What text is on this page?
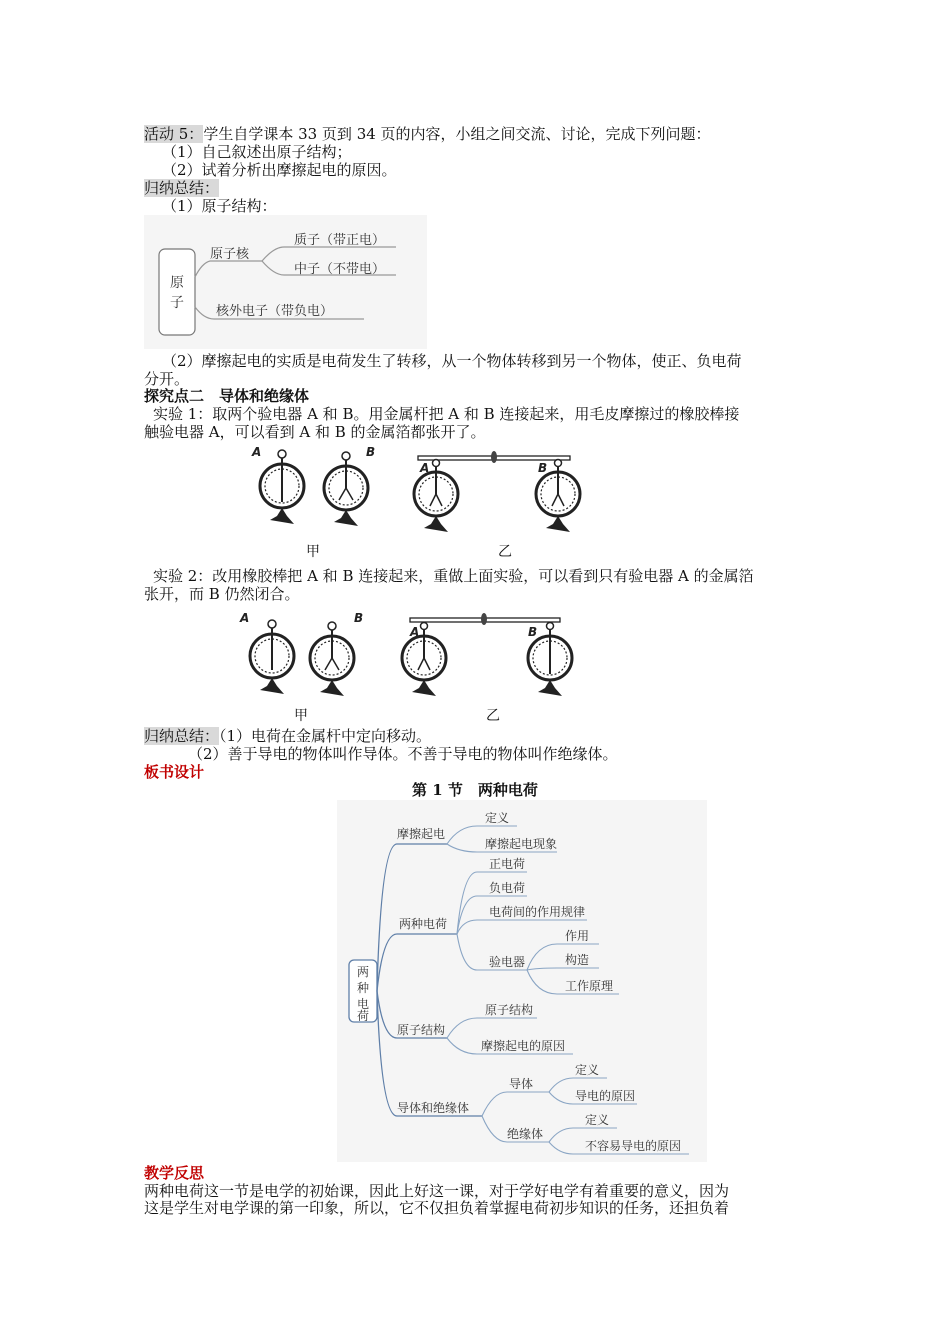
活动 5：学生自学课本 33 页到 34 页的内容，小组之间交流、讨论，完成下列问题：
（1）自己叙述出原子结构；
（2）试着分析出摩擦起电的原因。
归纳总结：
（1）原子结构：
原
子
原子核
质子（带正电）
中子（不带电）
核外电子（带负电）
（2）摩擦起电的实质是电荷发生了转移，从一个物体转移到另一个物体，使正、负电荷
分开。
探究点二　导体和绝缘体
实验 1：取两个验电器 A 和 B。用金属杆把 A 和 B 连接起来，用毛皮摩擦过的橡胶棒接
触验电器 A，可以看到 A 和 B 的金属箔都张开了。
A	B
A	B
甲	乙
实验 2：改用橡胶棒把 A 和 B 连接起来，重做上面实验，可以看到只有验电器 A 的金属箔
张开，而 B 仍然闭合。
A	B
A	B
甲	乙
归纳总结：（1）电荷在金属杆中定向移动。
（2）善于导电的物体叫作导体。不善于导电的物体叫作绝缘体。
板书设计
第 1 节　两种电荷
两
种
电
荷
摩擦起电
定义
摩擦起电现象
两种电荷
正电荷
负电荷
电荷间的作用规律
验电器
作用
构造
工作原理
原子结构
原子结构
摩擦起电的原因
导体和绝缘体
导体
定义
导电的原因
绝缘体
定义
不容易导电的原因
教学反思
两种电荷这一节是电学的初始课，因此上好这一课，对于学好电学有着重要的意义，因为
这是学生对电学课的第一印象，所以，它不仅担负着掌握电荷初步知识的任务，还担负着
